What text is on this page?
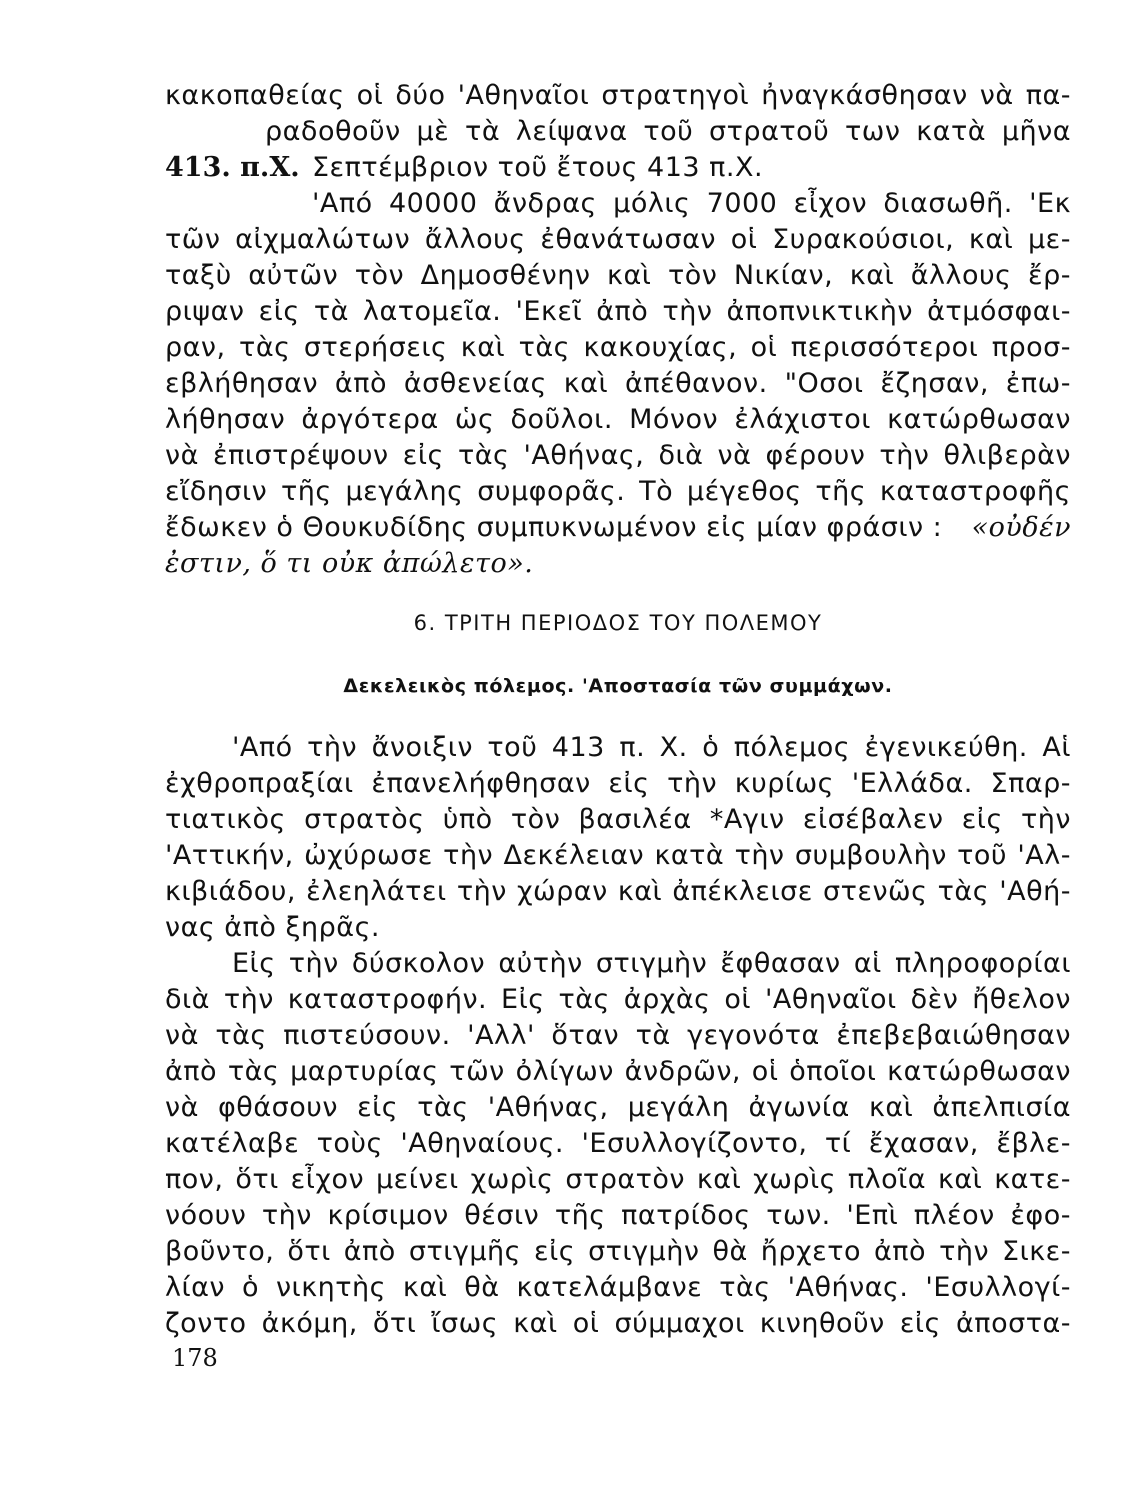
κακοπαθείας οἱ δύο 'Αθηναῖοι στρατηγοὶ ἠναγκάσθησαν νὰ πα-
ραδοθοῦν μὲ τὰ λείψανα τοῦ στρατοῦ των κατὰ μῆνα
413. π.Χ. Σεπτέμβριον τοῦ ἔτους 413 π.Χ.
'Από 40000 ἄνδρας μόλις 7000 εἶχον διασωθῆ. 'Εκ
τῶν αἰχμαλώτων ἄλλους ἐθανάτωσαν οἱ Συρακούσιοι, καὶ με-
ταξὺ αὐτῶν τὸν Δημοσθένην καὶ τὸν Νικίαν, καὶ ἄλλους ἔρ-
ριψαν εἰς τὰ λατομεῖα. 'Εκεῖ ἀπὸ τὴν ἀποπνικτικὴν ἀτμόσφαι-
ραν, τὰς στερήσεις καὶ τὰς κακουχίας, οἱ περισσότεροι προσ-
εβλήθησαν ἀπὸ ἀσθενείας καὶ ἀπέθανον. "Οσοι ἔζησαν, ἐπω-
λήθησαν ἀργότερα ὡς δοῦλοι. Μόνον ἐλάχιστοι κατώρθωσαν
νὰ ἐπιστρέψουν εἰς τὰς 'Αθήνας, διὰ νὰ φέρουν τὴν θλιβερὰν
εἴδησιν τῆς μεγάλης συμφορᾶς. Τὸ μέγεθος τῆς καταστροφῆς
ἔδωκεν ὁ Θουκυδίδης συμπυκνωμένον εἰς μίαν φράσιν : «οὐδέν
ἐστιν, ὅ τι οὐκ ἀπώλετο».
6. ΤΡΙΤΗ ΠΕΡΙΟΔΟΣ ΤΟΥ ΠΟΛΕΜΟΥ
Δεκελεικὸς πόλεμος. 'Αποστασία τῶν συμμάχων.
'Από τὴν ἄνοιξιν τοῦ 413 π. Χ. ὁ πόλεμος ἐγενικεύθη. Αἱ
ἐχθροπραξίαι ἐπανελήφθησαν εἰς τὴν κυρίως 'Ελλάδα. Σπαρ-
τιατικὸς στρατὸς ὑπὸ τὸν βασιλέα *Αγιν εἰσέβαλεν εἰς τὴν
'Αττικήν, ὠχύρωσε τὴν Δεκέλειαν κατὰ τὴν συμβουλὴν τοῦ 'Αλ-
κιβιάδου, ἐλεηλάτει τὴν χώραν καὶ ἀπέκλεισε στενῶς τὰς 'Αθή-
νας ἀπὸ ξηρᾶς.
Εἰς τὴν δύσκολον αὐτὴν στιγμὴν ἔφθασαν αἱ πληροφορίαι
διὰ τὴν καταστροφήν. Εἰς τὰς ἀρχὰς οἱ 'Αθηναῖοι δὲν ἤθελον
νὰ τὰς πιστεύσουν. 'Αλλ' ὅταν τὰ γεγονότα ἐπεβεβαιώθησαν
ἀπὸ τὰς μαρτυρίας τῶν ὀλίγων ἀνδρῶν, οἱ ὁποῖοι κατώρθωσαν
νὰ φθάσουν εἰς τὰς 'Αθήνας, μεγάλη ἀγωνία καὶ ἀπελπισία
κατέλαβε τοὺς 'Αθηναίους. 'Εσυλλογίζοντο, τί ἔχασαν, ἔβλε-
πον, ὅτι εἶχον μείνει χωρὶς στρατὸν καὶ χωρὶς πλοῖα καὶ κατε-
νόουν τὴν κρίσιμον θέσιν τῆς πατρίδος των. 'Επὶ πλέον ἐφο-
βοῦντο, ὅτι ἀπὸ στιγμῆς εἰς στιγμὴν θὰ ἤρχετο ἀπὸ τὴν Σικε-
λίαν ὁ νικητὴς καὶ θὰ κατελάμβανε τὰς 'Αθήνας. 'Εσυλλογί-
ζοντο ἀκόμη, ὅτι ἴσως καὶ οἱ σύμμαχοι κινηθοῦν εἰς ἀποστα-
178
